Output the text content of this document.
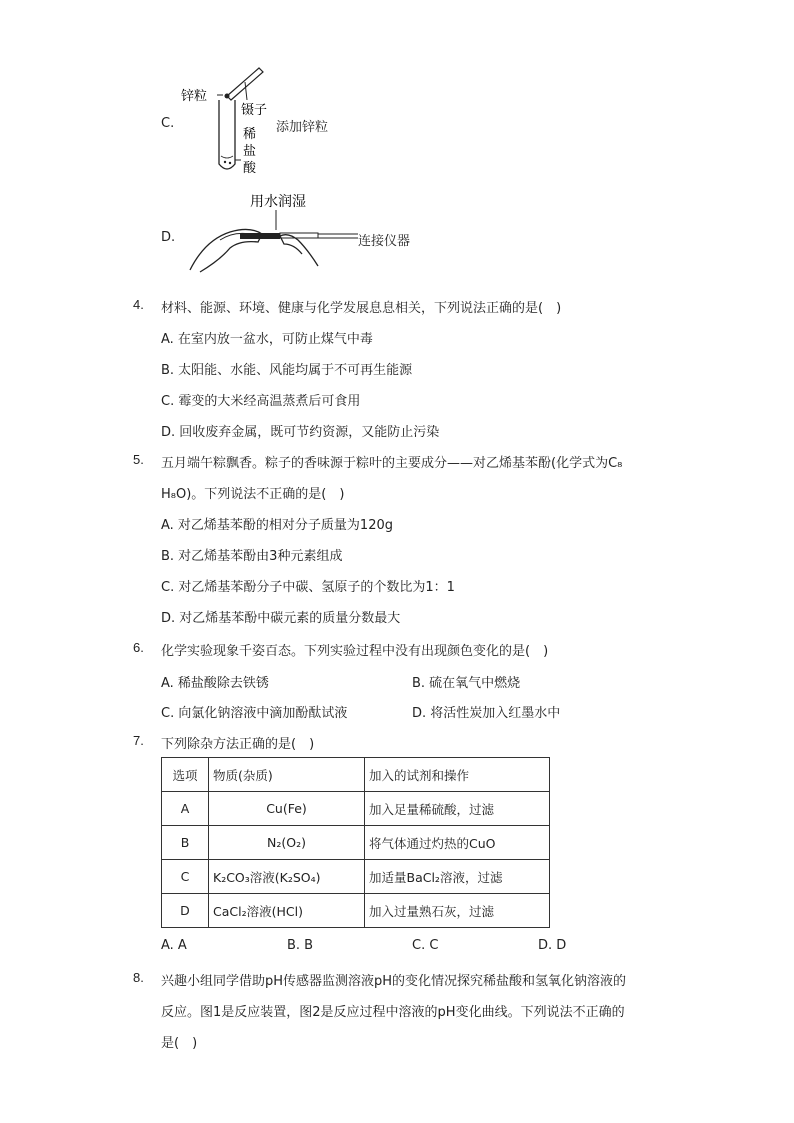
锌粒
镊子
稀
盐
酸
C.	添加锌粒
用水润湿
D.	连接仪器
4. 材料、能源、环境、健康与化学发展息息相关，下列说法正确的是(　)
A. 在室内放一盆水，可防止煤气中毒
B. 太阳能、水能、风能均属于不可再生能源
C. 霉变的大米经高温蒸煮后可食用
D. 回收废弃金属，既可节约资源，又能防止污染
5. 五月端午粽飘香。粽子的香味源于粽叶的主要成分——对乙烯基苯酚(化学式为C₈
H₈O)。下列说法不正确的是(　)
A. 对乙烯基苯酚的相对分子质量为120g
B. 对乙烯基苯酚由3种元素组成
C. 对乙烯基苯酚分子中碳、氢原子的个数比为1：1
D. 对乙烯基苯酚中碳元素的质量分数最大
6. 化学实验现象千姿百态。下列实验过程中没有出现颜色变化的是(　)
A. 稀盐酸除去铁锈	B. 硫在氧气中燃烧
C. 向氯化钠溶液中滴加酚酞试液	D. 将活性炭加入红墨水中
7. 下列除杂方法正确的是(　)
选项	物质(杂质)	加入的试剂和操作
A	Cu(Fe)	加入足量稀硫酸，过滤
B	N₂(O₂)	将气体通过灼热的CuO
C	K₂CO₃溶液(K₂SO₄)	加适量BaCl₂溶液，过滤
D	CaCl₂溶液(HCl)	加入过量熟石灰，过滤
A. A	B. B	C. C	D. D
8. 兴趣小组同学借助pH传感器监测溶液pH的变化情况探究稀盐酸和氢氧化钠溶液的
反应。图1是反应装置，图2是反应过程中溶液的pH变化曲线。下列说法不正确的
是(　)
